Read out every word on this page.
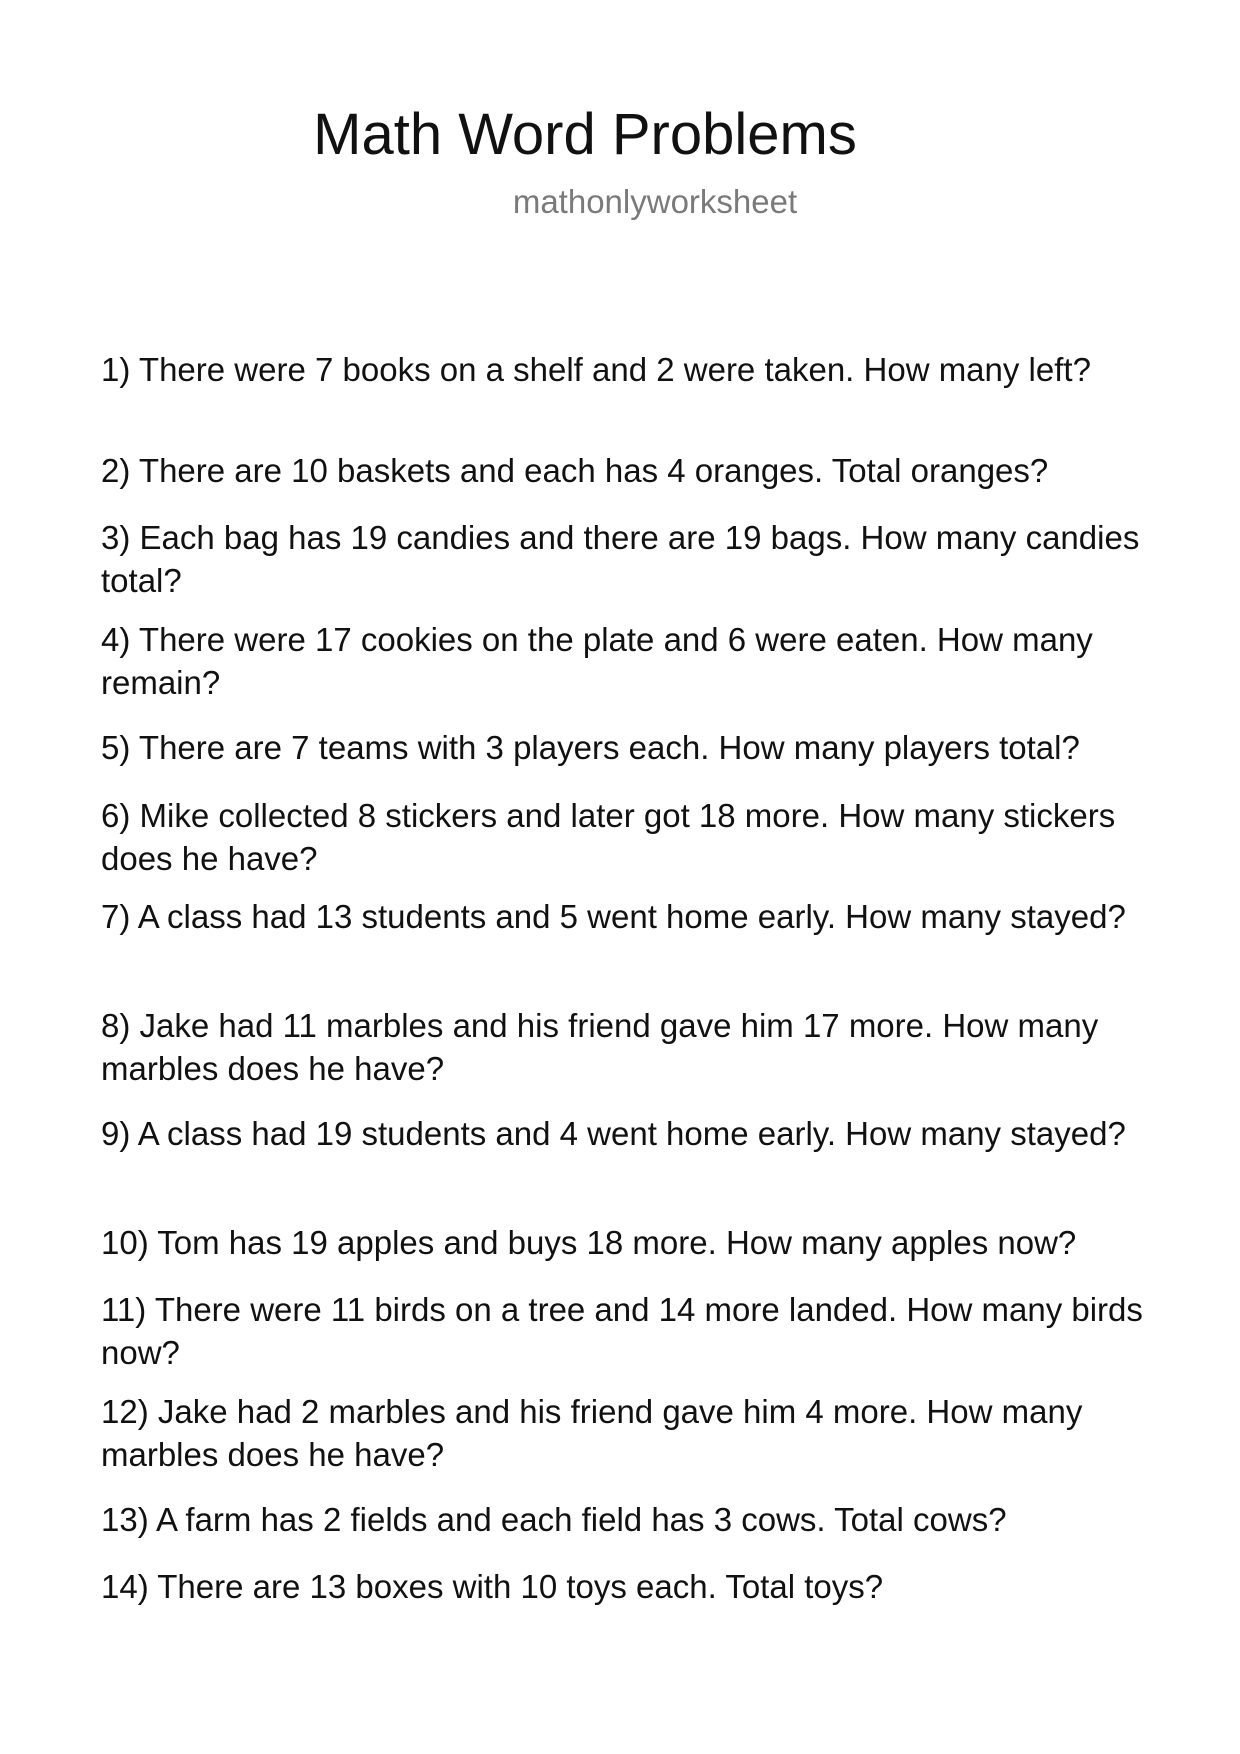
Math Word Problems
mathonlyworksheet

1) There were 7 books on a shelf and 2 were taken. How many left?

2) There are 10 baskets and each has 4 oranges. Total oranges?

3) Each bag has 19 candies and there are 19 bags. How many candies total?

4) There were 17 cookies on the plate and 6 were eaten. How many remain?

5) There are 7 teams with 3 players each. How many players total?

6) Mike collected 8 stickers and later got 18 more. How many stickers does he have?

7) A class had 13 students and 5 went home early. How many stayed?

8) Jake had 11 marbles and his friend gave him 17 more. How many marbles does he have?

9) A class had 19 students and 4 went home early. How many stayed?

10) Tom has 19 apples and buys 18 more. How many apples now?

11) There were 11 birds on a tree and 14 more landed. How many birds now?

12) Jake had 2 marbles and his friend gave him 4 more. How many marbles does he have?

13) A farm has 2 fields and each field has 3 cows. Total cows?

14) There are 13 boxes with 10 toys each. Total toys?
